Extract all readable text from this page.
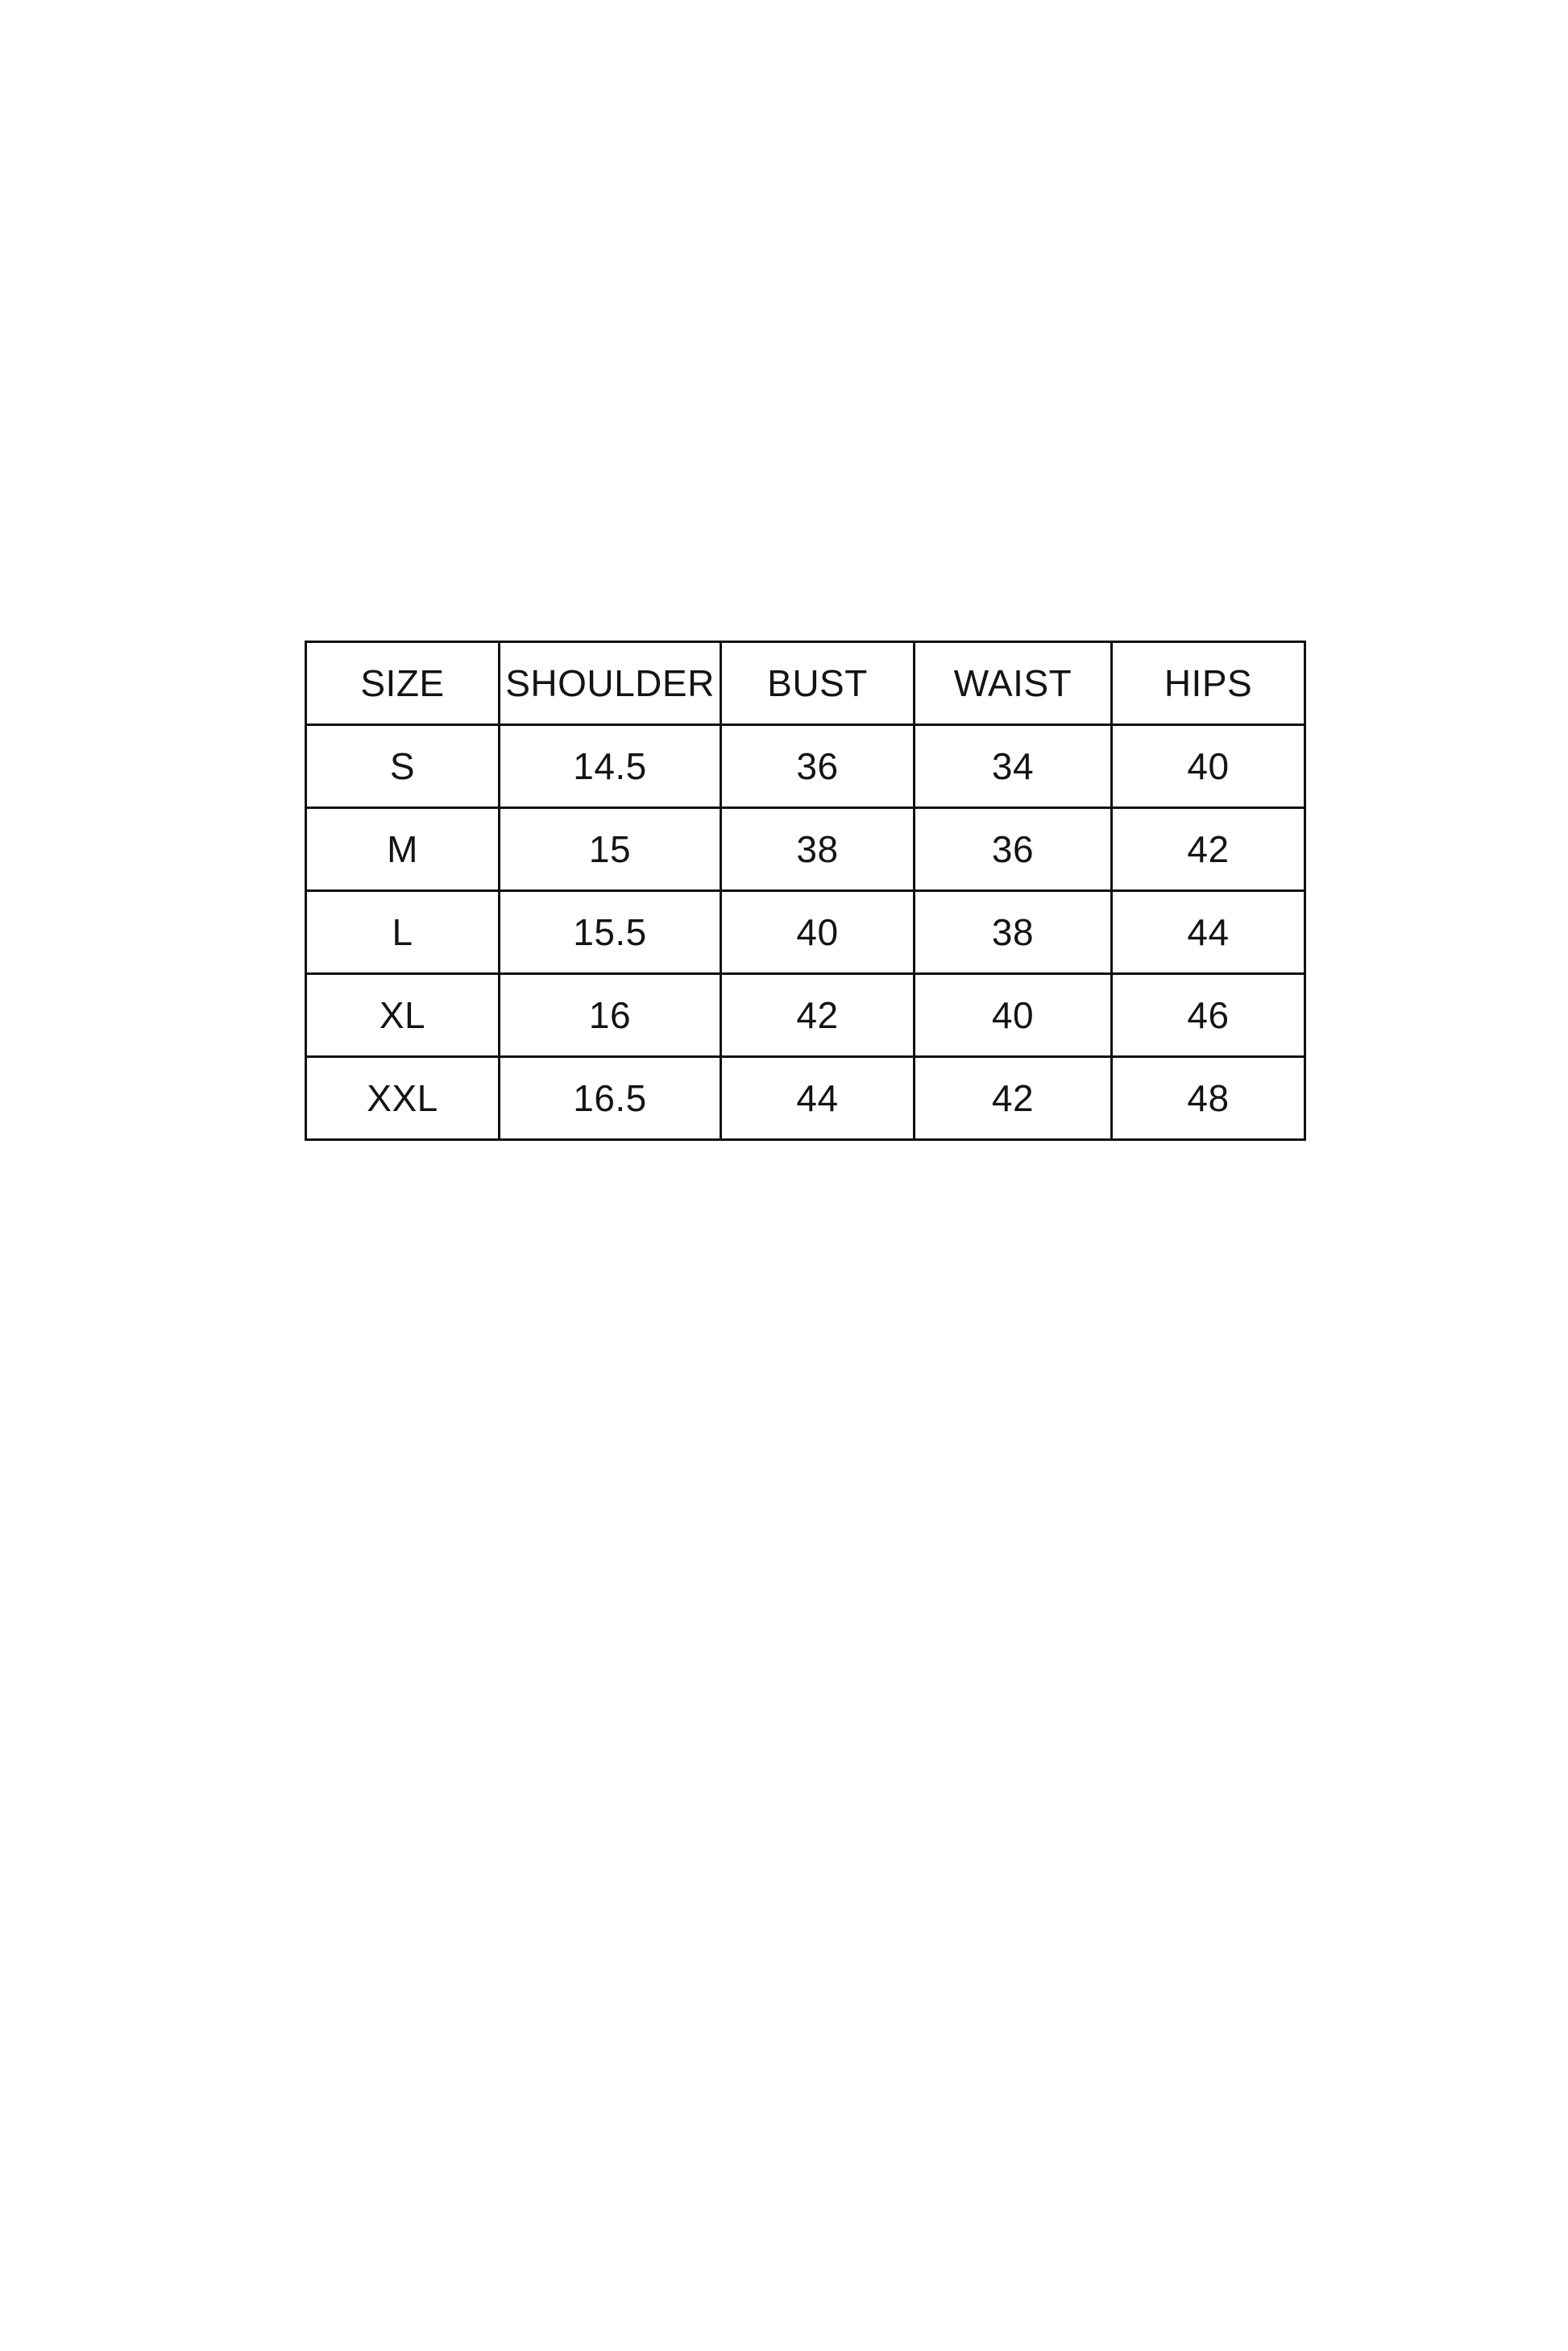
SIZE	SHOULDER	BUST	WAIST	HIPS
S	14.5	36	34	40
M	15	38	36	42
L	15.5	40	38	44
XL	16	42	40	46
XXL	16.5	44	42	48
